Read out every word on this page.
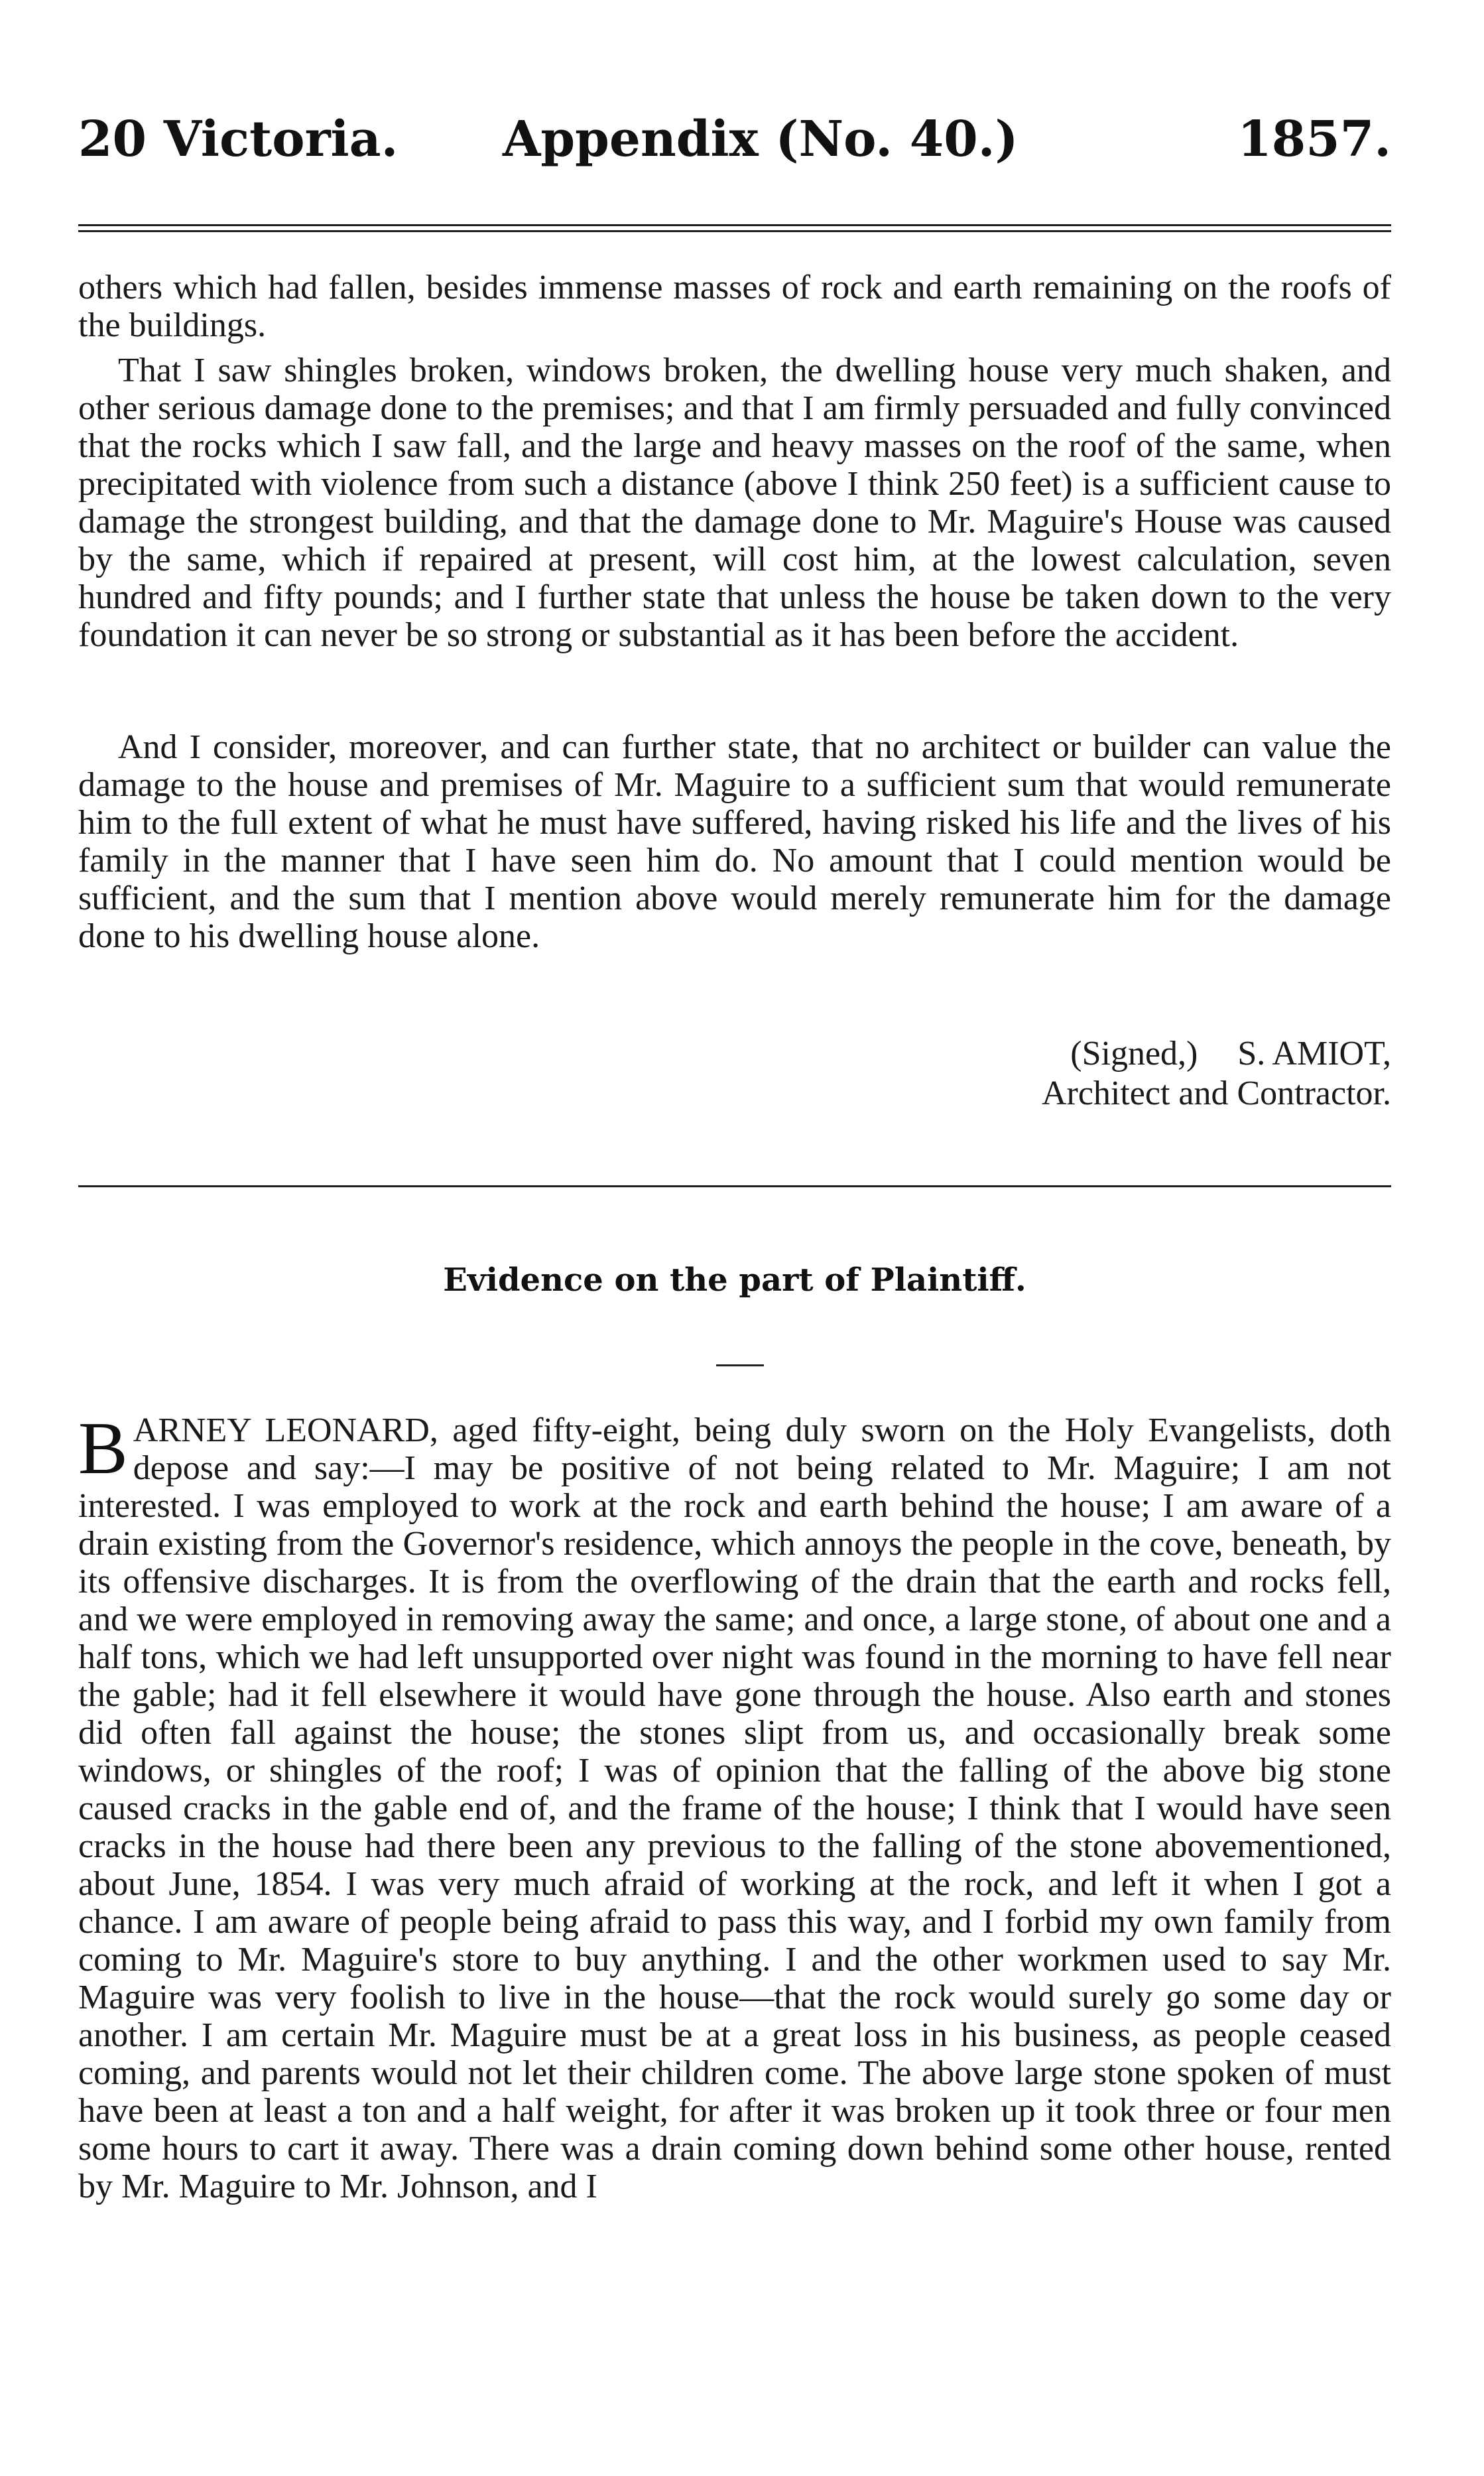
20 Victoria. Appendix (No. 40.)	1857.

others which had fallen, besides immense masses of rock and earth remaining on the roofs of the buildings.

That I saw shingles broken, windows broken, the dwelling house very much shaken, and other serious damage done to the premises; and that I am firmly persuaded and fully convinced that the rocks which I saw fall, and the large and heavy masses on the roof of the same, when precipitated with violence from such a distance (above I think 250 feet) is a sufficient cause to damage the strongest building, and that the damage done to Mr. Maguire's House was caused by the same, which if repaired at present, will cost him, at the lowest calculation, seven hundred and fifty pounds; and I further state that unless the house be taken down to the very foundation it can never be so strong or substantial as it has been before the accident.

And I consider, moreover, and can further state, that no architect or builder can value the damage to the house and premises of Mr. Maguire to a sufficient sum that would remunerate him to the full extent of what he must have suffered, having risked his life and the lives of his family in the manner that I have seen him do. No amount that I could mention would be sufficient, and the sum that I mention above would merely remunerate him for the damage done to his dwelling house alone.

(Signed,) S. AMIOT,
Architect and Contractor.
Evidence on the part of Plaintiff.

BARNEY LEONARD, aged fifty-eight, being duly sworn on the Holy Evangelists, doth depose and say:—I may be positive of not being related to Mr. Maguire; I am not interested. I was employed to work at the rock and earth behind the house; I am aware of a drain existing from the Governor's residence, which annoys the people in the cove, beneath, by its offensive discharges. It is from the overflowing of the drain that the earth and rocks fell, and we were employed in removing away the same; and once, a large stone, of about one and a half tons, which we had left unsupported over night was found in the morning to have fell near the gable; had it fell elsewhere it would have gone through the house. Also earth and stones did often fall against the house; the stones slipt from us, and occasionally break some windows, or shingles of the roof; I was of opinion that the falling of the above big stone caused cracks in the gable end of, and the frame of the house; I think that I would have seen cracks in the house had there been any previous to the falling of the stone abovementioned, about June, 1854. I was very much afraid of working at the rock, and left it when I got a chance. I am aware of people being afraid to pass this way, and I forbid my own family from coming to Mr. Maguire's store to buy anything. I and the other workmen used to say Mr. Maguire was very foolish to live in the house—that the rock would surely go some day or another. I am certain Mr. Maguire must be at a great loss in his business, as people ceased coming, and parents would not let their children come. The above large stone spoken of must have been at least a ton and a half weight, for after it was broken up it took three or four men some hours to cart it away. There was a drain coming down behind some other house, rented by Mr. Maguire to Mr. Johnson, and I
